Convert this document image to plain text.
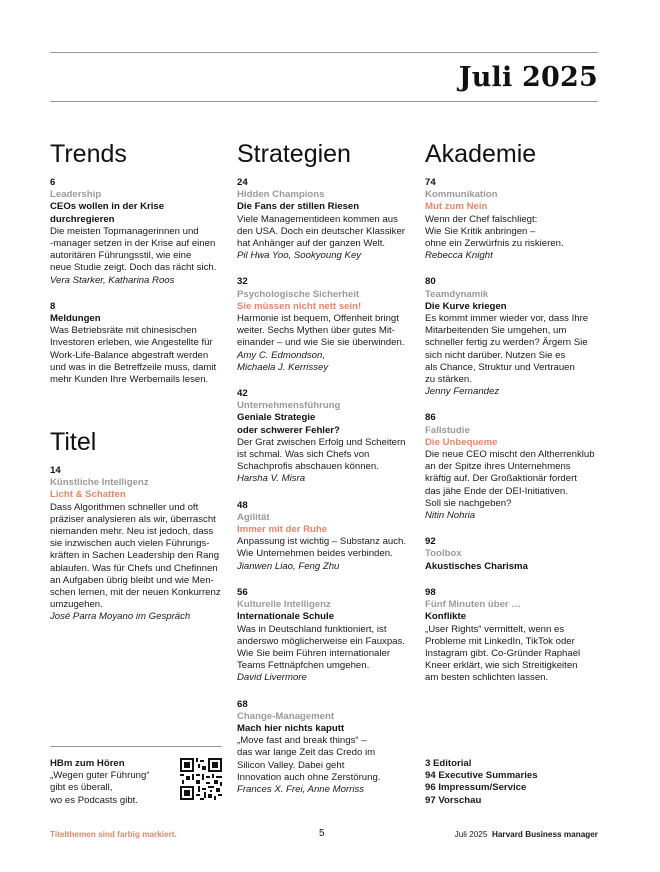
Juli 2025
Trends
6
Leadership
CEOs wollen in der Krise
durchregieren
Die meisten Topmanagerinnen und
-manager setzen in der Krise auf einen
autoritären Führungsstil, wie eine
neue Studie zeigt. Doch das rächt sich.
Vera Starker, Katharina Roos
8
Meldungen
Was Betriebsräte mit chinesischen
Investoren erleben, wie Angestellte für
Work-Life-Balance abgestraft werden
und was in die Betreffzeile muss, damit
mehr Kunden Ihre Werbemails lesen.
Titel
14
Künstliche Intelligenz
Licht & Schatten
Dass Algorithmen schneller und oft
präziser analysieren als wir, überrascht
niemanden mehr. Neu ist jedoch, dass
sie inzwischen auch vielen Führungs-
kräften in Sachen Leadership den Rang
ablaufen. Was für Chefs und Chefinnen
an Aufgaben übrig bleibt und wie Men-
schen lernen, mit der neuen Konkurrenz
umzugehen.
José Parra Moyano im Gespräch
Strategien
24
Hidden Champions
Die Fans der stillen Riesen
Viele Managementideen kommen aus
den USA. Doch ein deutscher Klassiker
hat Anhänger auf der ganzen Welt.
Pil Hwa Yoo, Sookyoung Key
32
Psychologische Sicherheit
Sie müssen nicht nett sein!
Harmonie ist bequem, Offenheit bringt
weiter. Sechs Mythen über gutes Mit-
einander – und wie Sie sie überwinden.
Amy C. Edmondson,
Michaela J. Kerrissey
42
Unternehmensführung
Geniale Strategie
oder schwerer Fehler?
Der Grat zwischen Erfolg und Scheitern
ist schmal. Was sich Chefs von
Schachprofis abschauen können.
Harsha V. Misra
48
Agilität
Immer mit der Ruhe
Anpassung ist wichtig – Substanz auch.
Wie Unternehmen beides verbinden.
Jianwen Liao, Feng Zhu
56
Kulturelle Intelligenz
Internationale Schule
Was in Deutschland funktioniert, ist
anderswo möglicherweise ein Fauxpas.
Wie Sie beim Führen internationaler
Teams Fettnäpfchen umgehen.
David Livermore
68
Change-Management
Mach hier nichts kaputt
„Move fast and break things“ –
das war lange Zeit das Credo im
Silicon Valley. Dabei geht
Innovation auch ohne Zerstörung.
Frances X. Frei, Anne Morriss
Akademie
74
Kommunikation
Mut zum Nein
Wenn der Chef falschliegt:
Wie Sie Kritik anbringen –
ohne ein Zerwürfnis zu riskieren.
Rebecca Knight
80
Teamdynamik
Die Kurve kriegen
Es kommt immer wieder vor, dass Ihre
Mitarbeitenden Sie umgehen, um
schneller fertig zu werden? Ärgern Sie
sich nicht darüber. Nutzen Sie es
als Chance, Struktur und Vertrauen
zu stärken.
Jenny Fernandez
86
Fallstudie
Die Unbequeme
Die neue CEO mischt den Altherrenklub
an der Spitze ihres Unternehmens
kräftig auf. Der Großaktionär fordert
das jähe Ende der DEI-Initiativen.
Soll sie nachgeben?
Nitin Nohria
92
Toolbox
Akustisches Charisma
98
Fünf Minuten über …
Konflikte
„User Rights“ vermittelt, wenn es
Probleme mit LinkedIn, TikTok oder
Instagram gibt. Co-Gründer Raphael
Kneer erklärt, wie sich Streitigkeiten
am besten schlichten lassen.
HBm zum Hören
„Wegen guter Führung“
gibt es überall,
wo es Podcasts gibt.
3 Editorial
94 Executive Summaries
96 Impressum/Service
97 Vorschau
Titelthemen sind farbig markiert.	5	Juli 2025 Harvard Business manager
